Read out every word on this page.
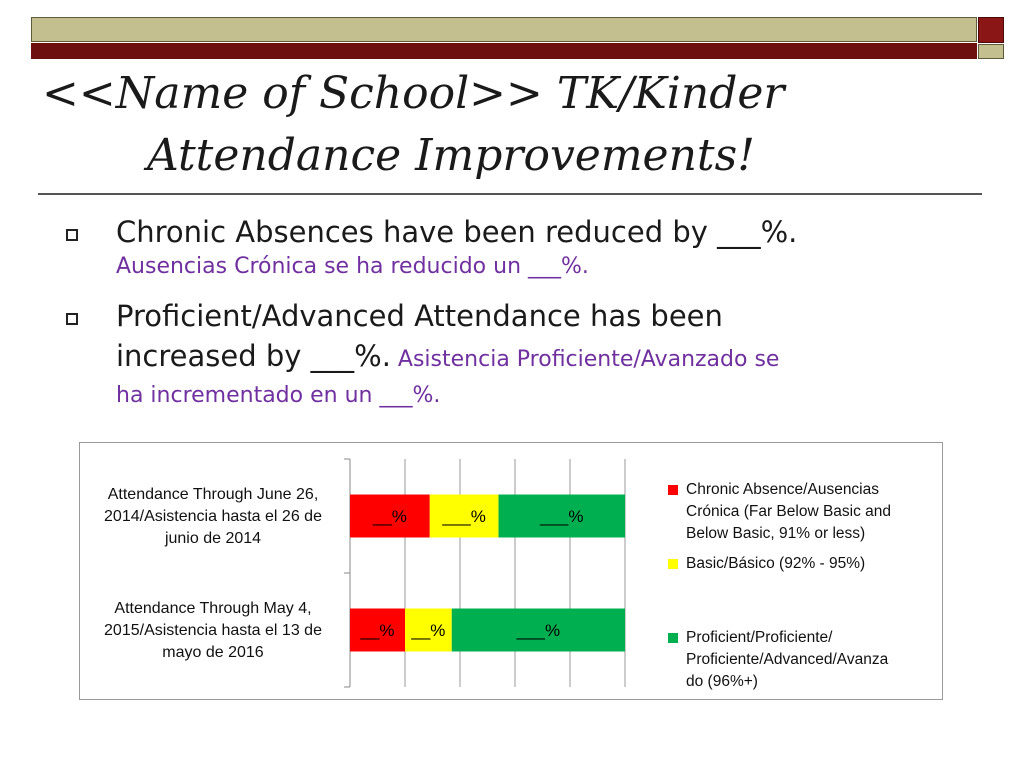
<<Name of School>> TK/Kinder
Attendance Improvements!
Chronic Absences have been reduced by ___%.
Ausencias Crónica se ha reducido un ___%.
Proficient/Advanced Attendance has been
increased by ___%. Asistencia Proficiente/Avanzado se
ha incrementado en un ___%.
__% ___%	___%
Attendance Through June 26,
2014/Asistencia hasta el 26 de
junio de 2014
__% __%	___%
Attendance Through May 4,
2015/Asistencia hasta el 13 de
mayo de 2016
Chronic Absence/Ausencias
Crónica (Far Below Basic and
Below Basic, 91% or less)
Basic/Básico (92% - 95%)
Proficient/Proficiente/
Proficiente/Advanced/Avanza
do (96%+)
